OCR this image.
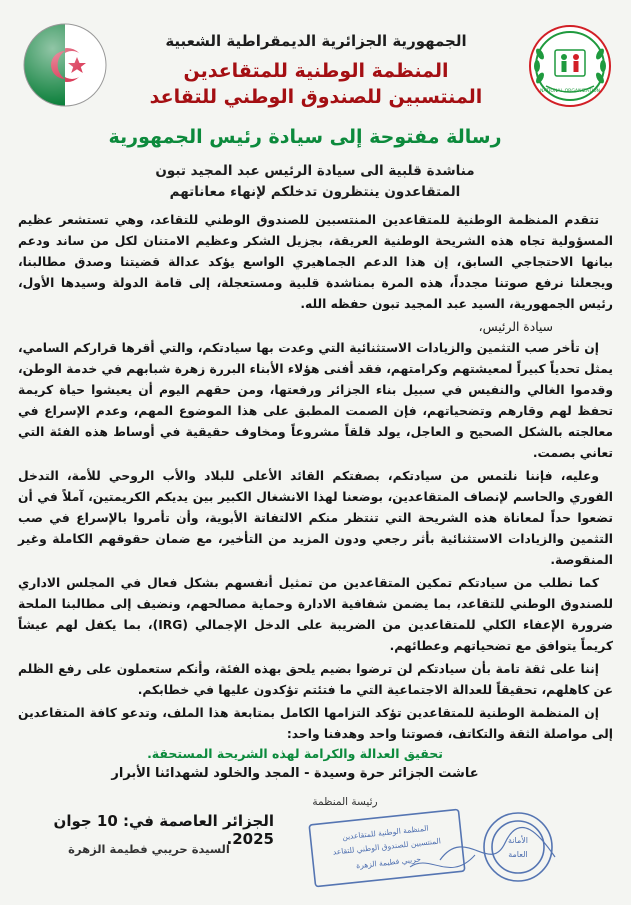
NATIONAL ORGANIZATION
الجمهورية الجزائرية الديمقراطية الشعبية
المنظمة الوطنية للمتقاعدين
المنتسبين للصندوق الوطني للتقاعد
رسالة مفتوحة إلى سيادة رئيس الجمهورية
مناشدة قلبية الى سيادة الرئيس عبد المجيد تبون
المتقاعدون ينتظرون تدخلكم لإنهاء معاناتهم

تتقدم المنظمة الوطنية للمتقاعدين المنتسبين للصندوق الوطني للتقاعد، وهي تستشعر عظيم المسؤولية تجاه هذه الشريحة الوطنية العريقة، بجزيل الشكر وعظيم الامتنان لكل من ساند ودعم بيانها الاحتجاجي السابق، إن هذا الدعم الجماهيري الواسع يؤكد عدالة قضيتنا وصدق مطالبنا، ويجعلنا نرفع صوتنا مجدداً، هذه المرة بمناشدة قلبية ومستعجلة، إلى قامة الدولة وسيدها الأول، رئيس الجمهورية، السيد عبد المجيد تبون حفظه الله.

سيادة الرئيس،

إن تأخر صب التثمين والزيادات الاستثنائية التي وعدت بها سيادتكم، والتي أقرها قراركم السامي، يمثل تحدياً كبيراً لمعيشتهم وكرامتهم، فقد أفنى هؤلاء الأبناء البررة زهرة شبابهم في خدمة الوطن، وقدموا الغالي والنفيس في سبيل بناء الجزائر ورفعتها، ومن حقهم اليوم أن يعيشوا حياة كريمة تحفظ لهم وقارهم وتضحياتهم، فإن الصمت المطبق على هذا الموضوع المهم، وعدم الإسراع في معالجته بالشكل الصحيح و العاجل، يولد قلقاً مشروعاً ومخاوف حقيقية في أوساط هذه الفئة التي تعاني بصمت.

وعليه، فإننا نلتمس من سيادتكم، بصفتكم القائد الأعلى للبلاد والأب الروحي للأمة، التدخل الفوري والحاسم لإنصاف المتقاعدين، بوضعنا لهذا الانشغال الكبير بين يديكم الكريمتين، آملاً في أن تضعوا حداً لمعاناة هذه الشريحة التي تنتظر منكم الالتفاتة الأبوية، وأن تأمروا بالإسراع في صب التثمين والزيادات الاستثنائية بأثر رجعي ودون المزيد من التأخير، مع ضمان حقوقهم الكاملة وغير المنقوصة.

كما نطلب من سيادتكم تمكين المتقاعدين من تمثيل أنفسهم بشكل فعال في المجلس الاداري للصندوق الوطني للتقاعد، بما يضمن شفافية الادارة وحماية مصالحهم، ونضيف إلى مطالبنا الملحة ضرورة الإعفاء الكلي للمتقاعدين من الضريبة على الدخل الإجمالي (IRG)، بما يكفل لهم عيشاً كريماً يتوافق مع تضحياتهم وعطائهم.

إننا على ثقة تامة بأن سيادتكم لن ترضوا بضيم يلحق بهذه الفئة، وأنكم ستعملون على رفع الظلم عن كاهلهم، تحقيقاً للعدالة الاجتماعية التي ما فتئتم تؤكدون عليها في خطابكم.

إن المنظمة الوطنية للمتقاعدين تؤكد التزامها الكامل بمتابعة هذا الملف، وتدعو كافة المتقاعدين إلى مواصلة الثقة والتكاتف، فصوتنا واحد وهدفنا واحد:

تحقيق العدالة والكرامة لهذه الشريحة المستحقة.
عاشت الجزائر حرة وسيدة - المجد والخلود لشهدائنا الأبرار
رئيسة المنظمة
المنظمة الوطنية للمتقاعدين
المنتسبين للصندوق الوطني للتقاعد
حريبي فطيمة الزهرة
الأمانة
العامة
الجزائر العاصمة في: 10 جوان 2025.
السيدة حريبي فطيمة الزهرة
